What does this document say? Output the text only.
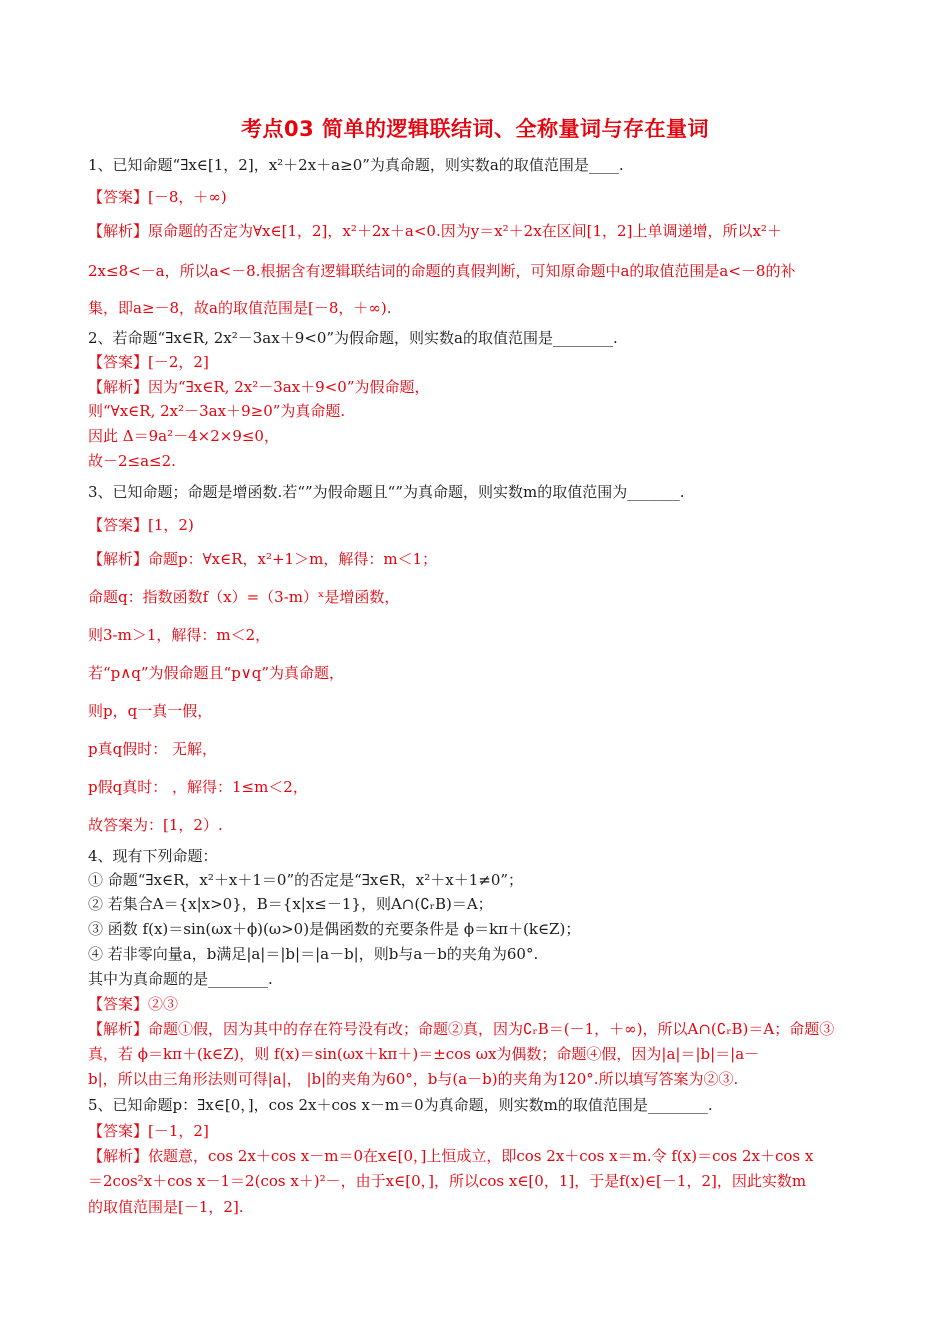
考点03 简单的逻辑联结词、全称量词与存在量词
1、已知命题“∃x∈[1，2]，x²＋2x＋a≥0”为真命题，则实数a的取值范围是____.
【答案】[－8，＋∞)
【解析】原命题的否定为∀x∈[1，2]，x²＋2x＋a<0.因为y＝x²＋2x在区间[1，2]上单调递增，所以x²＋
2x≤8<－a，所以a<－8.根据含有逻辑联结词的命题的真假判断，可知原命题中a的取值范围是a<－8的补
集，即a≥－8，故a的取值范围是[－8，＋∞).
2、若命题“∃x∈R, 2x²－3ax＋9<0”为假命题，则实数a的取值范围是________.
【答案】[－2，2]
【解析】因为“∃x∈R, 2x²－3ax＋9<0”为假命题，
则“∀x∈R, 2x²－3ax＋9≥0”为真命题.
因此 Δ＝9a²－4×2×9≤0，
故－2≤a≤2.
3、已知命题；命题是增函数.若“”为假命题且“”为真命题，则实数m的取值范围为_______.
【答案】[1，2)
【解析】命题p：∀x∈R，x²+1＞m，解得：m＜1；
命题q：指数函数f（x）=（3-m）ˣ是增函数，
则3-m＞1，解得：m＜2，
若“p∧q”为假命题且“p∨q”为真命题，
则p，q一真一假，
p真q假时： 无解，
p假q真时： ，解得：1≤m＜2，
故答案为：[1，2）.
4、现有下列命题：
① 命题“∃x∈R，x²＋x＋1＝0”的否定是“∃x∈R，x²＋x＋1≠0”；
② 若集合A＝{x|x>0}，B＝{x|x≤－1}，则A∩(∁ᵣB)＝A；
③ 函数 f(x)＝sin(ωx＋ϕ)(ω>0)是偶函数的充要条件是 ϕ＝kπ＋(k∈Z)；
④ 若非零向量a，b满足|a|＝|b|＝|a－b|，则b与a－b的夹角为60°.
其中为真命题的是________.
【答案】②③
【解析】命题①假，因为其中的存在符号没有改；命题②真，因为∁ᵣB＝(－1，＋∞)，所以A∩(∁ᵣB)＝A；命题③
真，若 ϕ＝kπ＋(k∈Z)，则 f(x)＝sin(ωx＋kπ＋)＝±cos ωx为偶数；命题④假，因为|a|＝|b|＝|a－
b|，所以由三角形法则可得|a|， |b|的夹角为60°，b与(a－b)的夹角为120°.所以填写答案为②③.
5、已知命题p：∃x∈[0，]，cos 2x＋cos x－m＝0为真命题，则实数m的取值范围是________.
【答案】[－1，2]
【解析】依题意，cos 2x＋cos x－m＝0在x∈[0，]上恒成立，即cos 2x＋cos x＝m.令 f(x)＝cos 2x＋cos x
＝2cos²x＋cos x－1＝2(cos x＋)²－，由于x∈[0，]，所以cos x∈[0，1]，于是f(x)∈[－1，2]，因此实数m
的取值范围是[－1，2].
